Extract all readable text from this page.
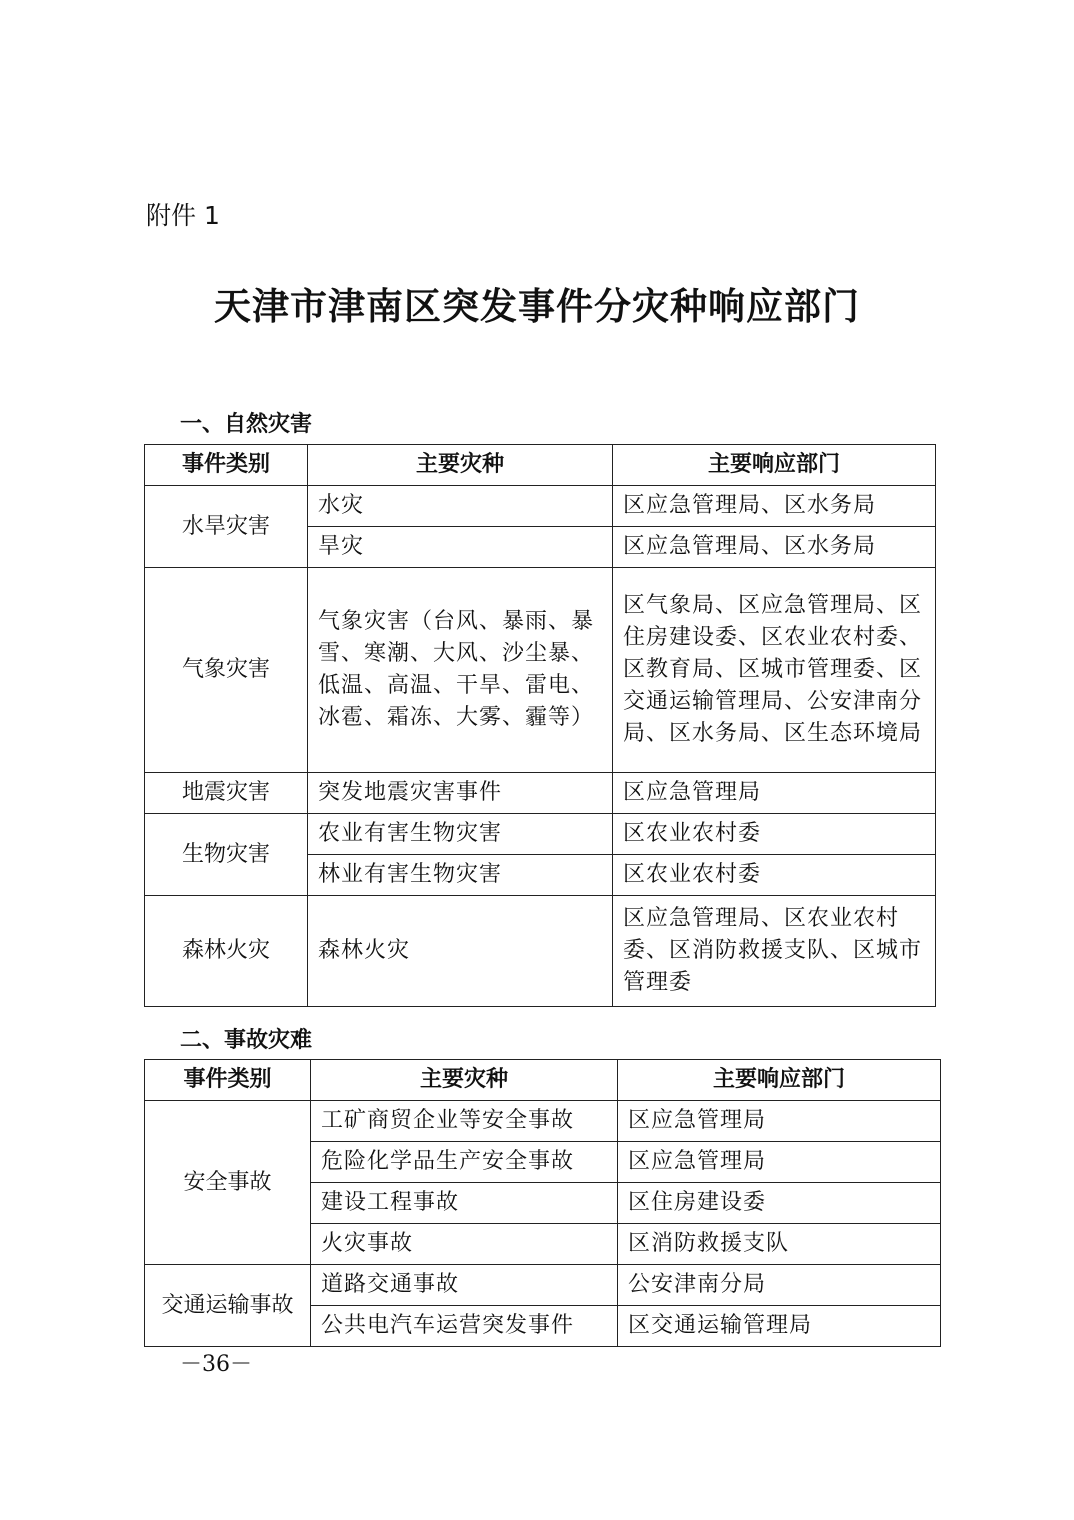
附件 1
天津市津南区突发事件分灾种响应部门
一、自然灾害
事件类别	主要灾种	主要响应部门
水旱灾害	水灾	区应急管理局、区水务局
	旱灾	区应急管理局、区水务局
气象灾害	气象灾害（台风、暴雨、暴雪、寒潮、大风、沙尘暴、低温、高温、干旱、雷电、冰雹、霜冻、大雾、霾等）	区气象局、区应急管理局、区住房建设委、区农业农村委、区教育局、区城市管理委、区交通运输管理局、公安津南分局、区水务局、区生态环境局
地震灾害	突发地震灾害事件	区应急管理局
生物灾害	农业有害生物灾害	区农业农村委
	林业有害生物灾害	区农业农村委
森林火灾	森林火灾	区应急管理局、区农业农村委、区消防救援支队、区城市管理委
二、事故灾难
事件类别	主要灾种	主要响应部门
安全事故	工矿商贸企业等安全事故	区应急管理局
	危险化学品生产安全事故	区应急管理局
	建设工程事故	区住房建设委
	火灾事故	区消防救援支队
交通运输事故	道路交通事故	公安津南分局
	公共电汽车运营突发事件	区交通运输管理局
－36－
